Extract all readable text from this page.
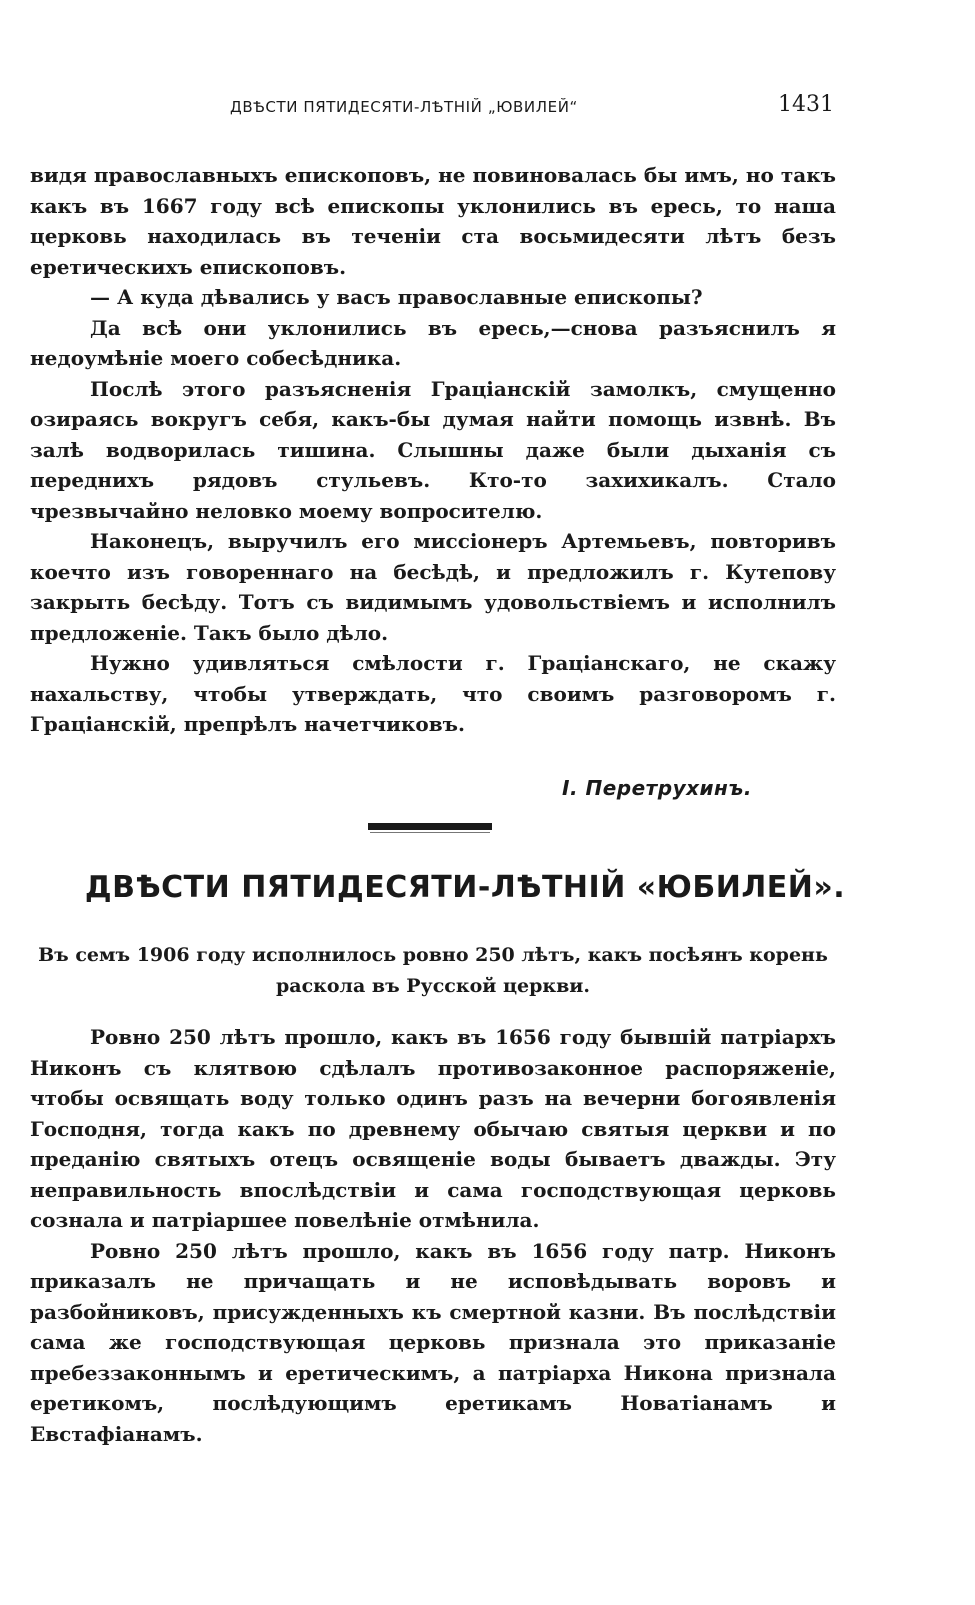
ДВѢСТИ ПЯТИДЕСЯТИ-ЛѢТНІЙ „ЮВИЛЕЙ“	1431

видя православныхъ епископовъ, не повиновалась бы имъ, но такъ какъ въ 1667 году всѣ епископы уклонились въ ересь, то наша церковь находилась въ теченіи ста восьмидесяти лѣтъ безъ еретическихъ епископовъ.

— А куда дѣвались у васъ православные епископы?

Да всѣ они уклонились въ ересь,—снова разъяснилъ я недоумѣніе моего собесѣдника.

Послѣ этого разъясненія Граціанскій замолкъ, смущенно озираясь вокругъ себя, какъ-бы думая найти помощь извнѣ. Въ залѣ водворилась тишина. Слышны даже были дыханія съ переднихъ рядовъ стульевъ. Кто-то захихикалъ. Стало чрезвычайно неловко моему вопросителю.

Наконецъ, выручилъ его миссіонеръ Артемьевъ, повторивъ коечто изъ говореннаго на бесѣдѣ, и предложилъ г. Кутепову закрыть бесѣду. Тотъ съ видимымъ удовольствіемъ и исполнилъ предложеніе. Такъ было дѣло.

Нужно удивляться смѣлости г. Граціанскаго, не скажу нахальству, чтобы утверждать, что своимъ разговоромъ г. Граціанскій, препрѣлъ начетчиковъ.

І. Перетрухинъ.
ДВѢСТИ ПЯТИДЕСЯТИ-ЛѢТНІЙ «ЮБИЛЕЙ».
Въ семъ 1906 году исполнилось ровно 250 лѣтъ, какъ посѣянъ корень раскола въ Русской церкви.

Ровно 250 лѣтъ прошло, какъ въ 1656 году бывшій патріархъ Никонъ съ клятвою сдѣлалъ противозаконное распоряженіе, чтобы освящать воду только одинъ разъ на вечерни богоявленія Господня, тогда какъ по древнему обычаю святыя церкви и по преданію святыхъ отецъ освященіе воды бываетъ дважды. Эту неправильность впослѣдствіи и сама господствующая церковь сознала и патріаршее повелѣніе отмѣнила.

Ровно 250 лѣтъ прошло, какъ въ 1656 году патр. Никонъ приказалъ не причащать и не исповѣдывать воровъ и разбойниковъ, присужденныхъ къ смертной казни. Въ послѣдствіи сама же господствующая церковь признала это приказаніе пребеззаконнымъ и еретическимъ, а патріарха Никона признала еретикомъ, послѣдующимъ еретикамъ Новатіанамъ и Евстафіанамъ.
